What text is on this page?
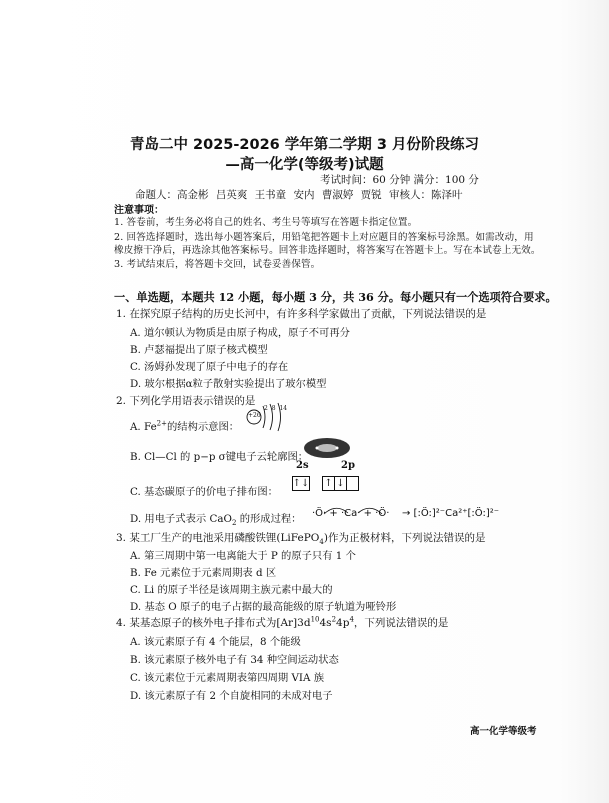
青岛二中 2025-2026 学年第二学期 3 月份阶段练习
—高一化学(等级考)试题
考试时间：60 分钟 满分：100 分
命题人：高金彬 吕英爽 王书童 安内 曹淑婷 贾锐 审核人：陈泽叶
注意事项：
1. 答卷前，考生务必将自己的姓名、考生号等填写在答题卡指定位置。
2. 回答选择题时，选出每小题答案后，用铅笔把答题卡上对应题目的答案标号涂黑。如需改动，用
橡皮擦干净后，再选涂其他答案标号。回答非选择题时，将答案写在答题卡上。写在本试卷上无效。
3. 考试结束后，将答题卡交回，试卷妥善保管。
一、单选题，本题共 12 小题，每小题 3 分，共 36 分。每小题只有一个选项符合要求。
1. 在探究原子结构的历史长河中，有许多科学家做出了贡献，下列说法错误的是
A. 道尔顿认为物质是由原子构成，原子不可再分
B. 卢瑟福提出了原子核式模型
C. 汤姆孙发现了原子中电子的存在
D. 玻尔根据α粒子散射实验提出了玻尔模型
2. 下列化学用语表示错误的是
+26
2 8 14
A. $Fe^{2+}$的结构示意图：
B. Cl—Cl 的 p−p σ键电子云轮廓图：
2s	2p
↑↓ ↑ ↓
C. 基态碳原子的价电子排布图：
D. 用电子式表示 CaO$_2$ 的形成过程： ·Ö· + ·Ca· + ·Ö· → [:Ö:]²⁻Ca²⁺[:Ö:]²⁻
3. 某工厂生产的电池采用磷酸铁锂(LiFePO$_4$)作为正极材料，下列说法错误的是
A. 第三周期中第一电离能大于 P 的原子只有 1 个
B. Fe 元素位于元素周期表 d 区
C. Li 的原子半径是该周期主族元素中最大的
D. 基态 O 原子的电子占据的最高能级的原子轨道为哑铃形
4. 某基态原子的核外电子排布式为$[Ar]3d^{10}4s^24p^4$，下列说法错误的是
A. 该元素原子有 4 个能层，8 个能级
B. 该元素原子核外电子有 34 种空间运动状态
C. 该元素位于元素周期表第四周期 VIA 族
D. 该元素原子有 2 个自旋相同的未成对电子
高一化学等级考
